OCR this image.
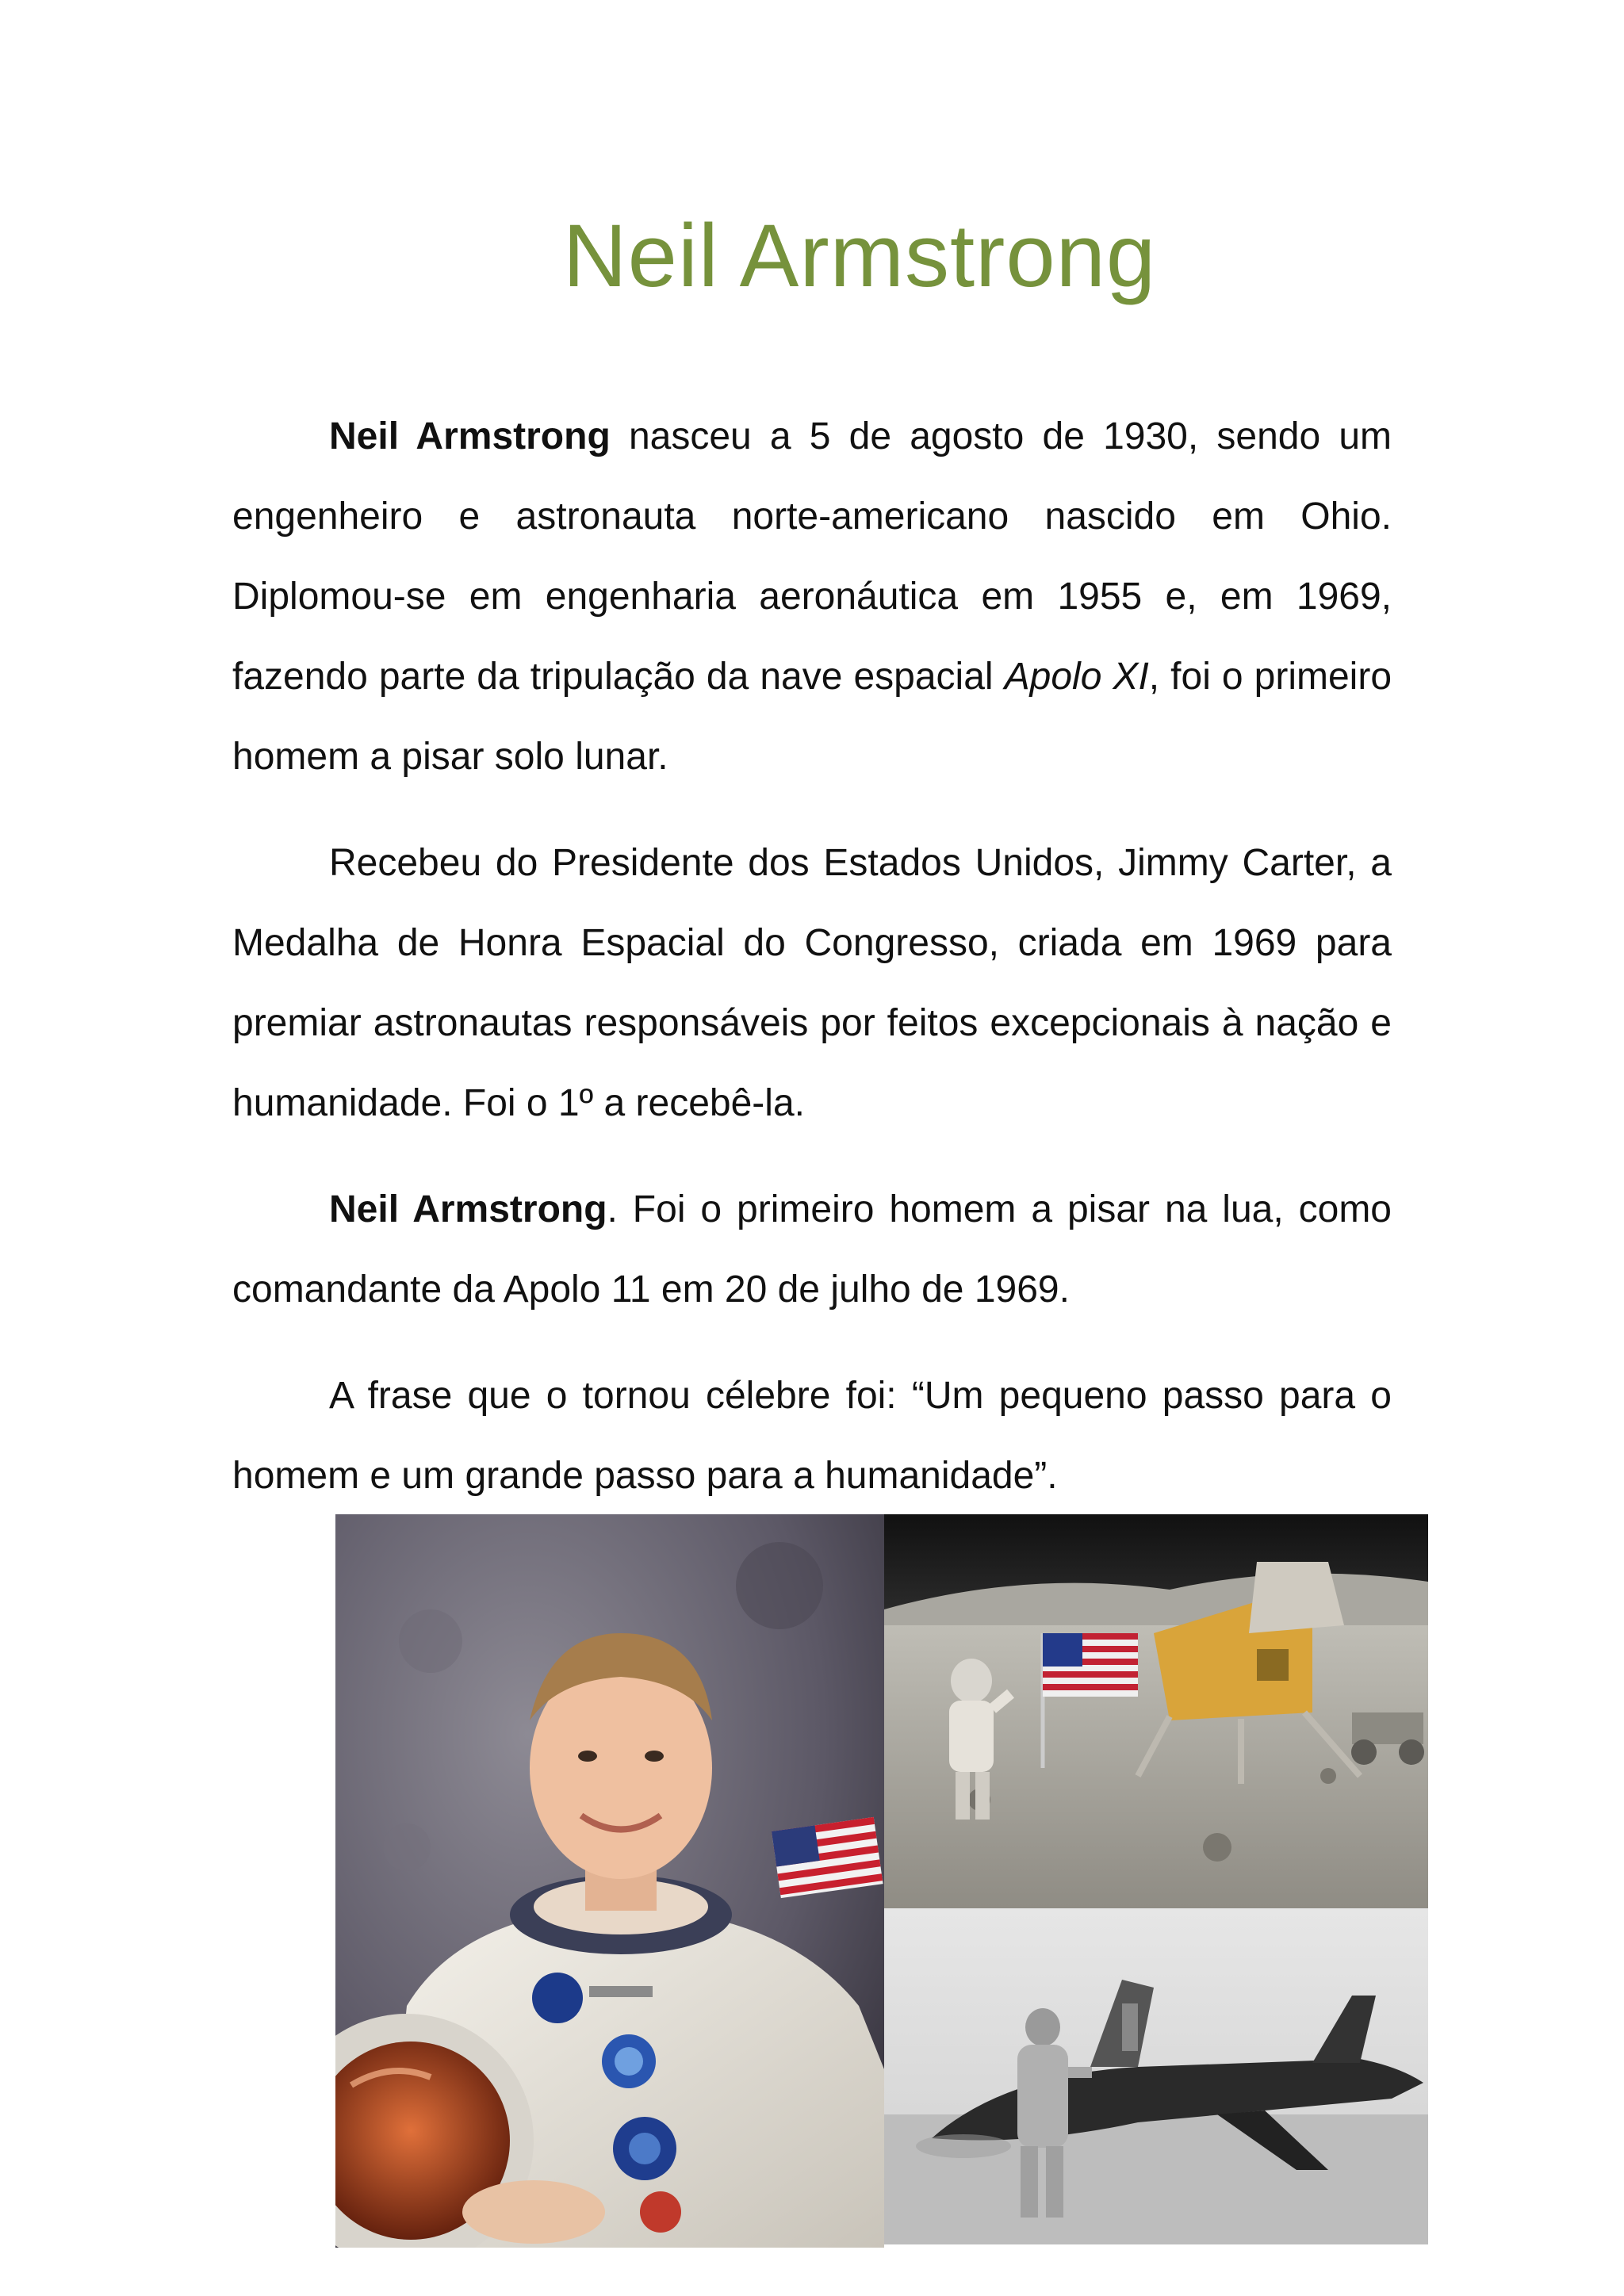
Neil Armstrong

Neil Armstrong nasceu a 5 de agosto de 1930, sendo um engenheiro e astronauta norte-americano nascido em Ohio. Diplomou-se em engenharia aeronáutica em 1955 e, em 1969, fazendo parte da tripulação da nave espacial Apolo XI, foi o primeiro homem a pisar solo lunar.

Recebeu do Presidente dos Estados Unidos, Jimmy Carter, a Medalha de Honra Espacial do Congresso, criada em 1969 para premiar astronautas responsáveis por feitos excepcionais à nação e humanidade. Foi o 1º a recebê-la.

Neil Armstrong. Foi o primeiro homem a pisar na lua, como comandante da Apolo 11 em 20 de julho de 1969.

A frase que o tornou célebre foi: “Um pequeno passo para o homem e um grande passo para a humanidade”.
